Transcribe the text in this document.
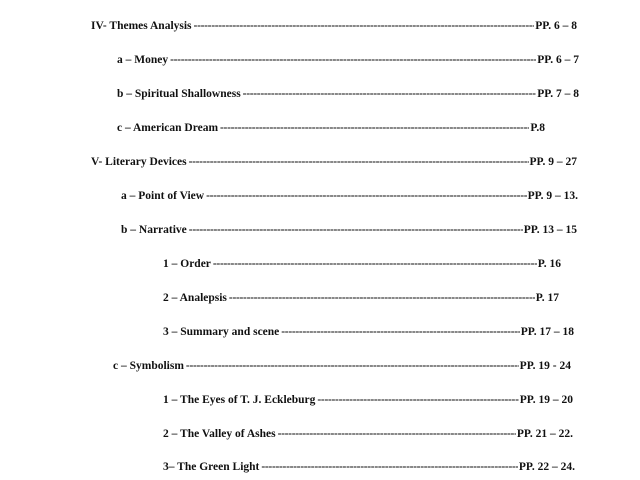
IV- Themes Analysis -----	PP. 6 – 8
a – Money -----	PP. 6 – 7
b – Spiritual Shallowness -----	PP. 7 – 8
c – American Dream -----	P.8
V- Literary Devices -----	PP. 9 – 27
a – Point of View -----	PP. 9 – 13.
b – Narrative -----	PP. 13 – 15
1 – Order -----	P. 16
2 – Analepsis -----	P. 17
3 – Summary and scene -----	PP. 17 – 18
c – Symbolism -----	PP. 19 - 24
1 – The Eyes of T. J. Eckleburg -----	PP. 19 – 20
2 – The Valley of Ashes -----	PP. 21 – 22.
3– The Green Light -----	PP. 22 – 24.
